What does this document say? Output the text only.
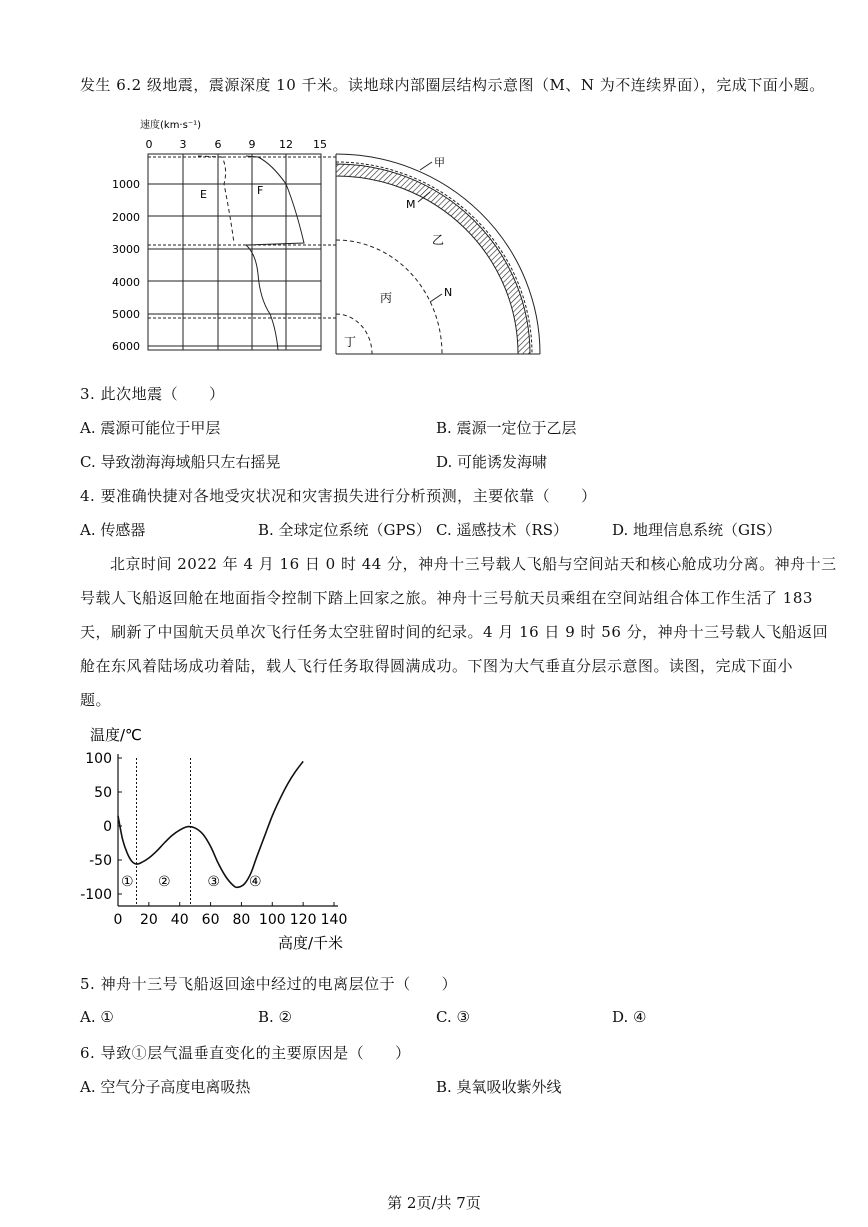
发生 6.2 级地震，震源深度 10 千米。读地球内部圈层结构示意图（M、N 为不连续界面），完成下面小题。
速度(km·s⁻¹)
0 3	6 9 12 15
1000
2000
3000
4000
5000
6000
E	F
甲
M
乙
丙	N
丁
3. 此次地震（　　）
A. 震源可能位于甲层	B. 震源一定位于乙层
C. 导致渤海海域船只左右摇晃	D. 可能诱发海啸
4. 要准确快捷对各地受灾状况和灾害损失进行分析预测，主要依靠（　　）
A. 传感器	B. 全球定位系统（GPS） C. 遥感技术（RS）	D. 地理信息系统（GIS）
北京时间 2022 年 4 月 16 日 0 时 44 分，神舟十三号载人飞船与空间站天和核心舱成功分离。神舟十三
号载人飞船返回舱在地面指令控制下踏上回家之旅。神舟十三号航天员乘组在空间站组合体工作生活了 183
天，刷新了中国航天员单次飞行任务太空驻留时间的纪录。4 月 16 日 9 时 56 分，神舟十三号载人飞船返回
舱在东风着陆场成功着陆，载人飞行任务取得圆满成功。下图为大气垂直分层示意图。读图，完成下面小
题。
温度/℃
高度/千米
100
50
0
-50
-100
0 20 40 60 80 100 120 140
① ②	③ ④
5. 神舟十三号飞船返回途中经过的电离层位于（　　）
A. ①	B. ②	C. ③	D. ④
6. 导致①层气温垂直变化的主要原因是（　　）
A. 空气分子高度电离吸热	B. 臭氧吸收紫外线
第 2页/共 7页
